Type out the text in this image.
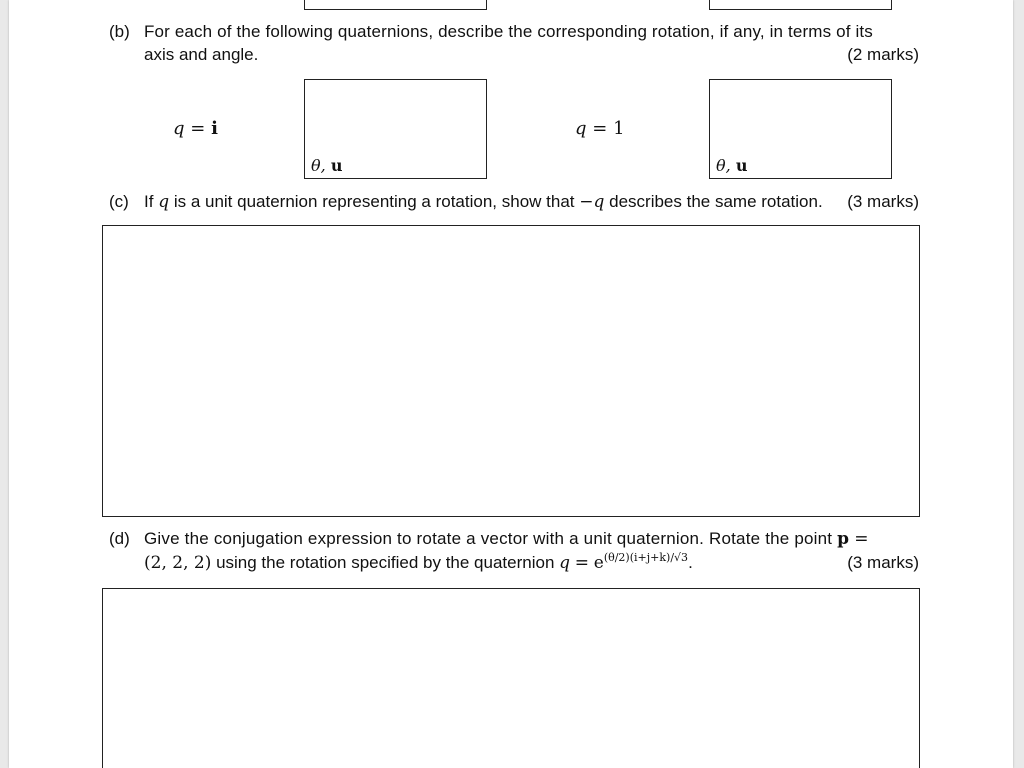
(b) For each of the following quaternions, describe the corresponding rotation, if any, in terms of its
axis and angle.	(2 marks)
q = i
θ, u
q = 1
θ, u
(c) If q is a unit quaternion representing a rotation, show that −q describes the same rotation. (3 marks)
(d) Give the conjugation expression to rotate a vector with a unit quaternion. Rotate the point p =
(2, 2, 2) using the rotation specified by the quaternion $q = e^{(\theta/2)(i+j+k)/√3}$.	(3 marks)
